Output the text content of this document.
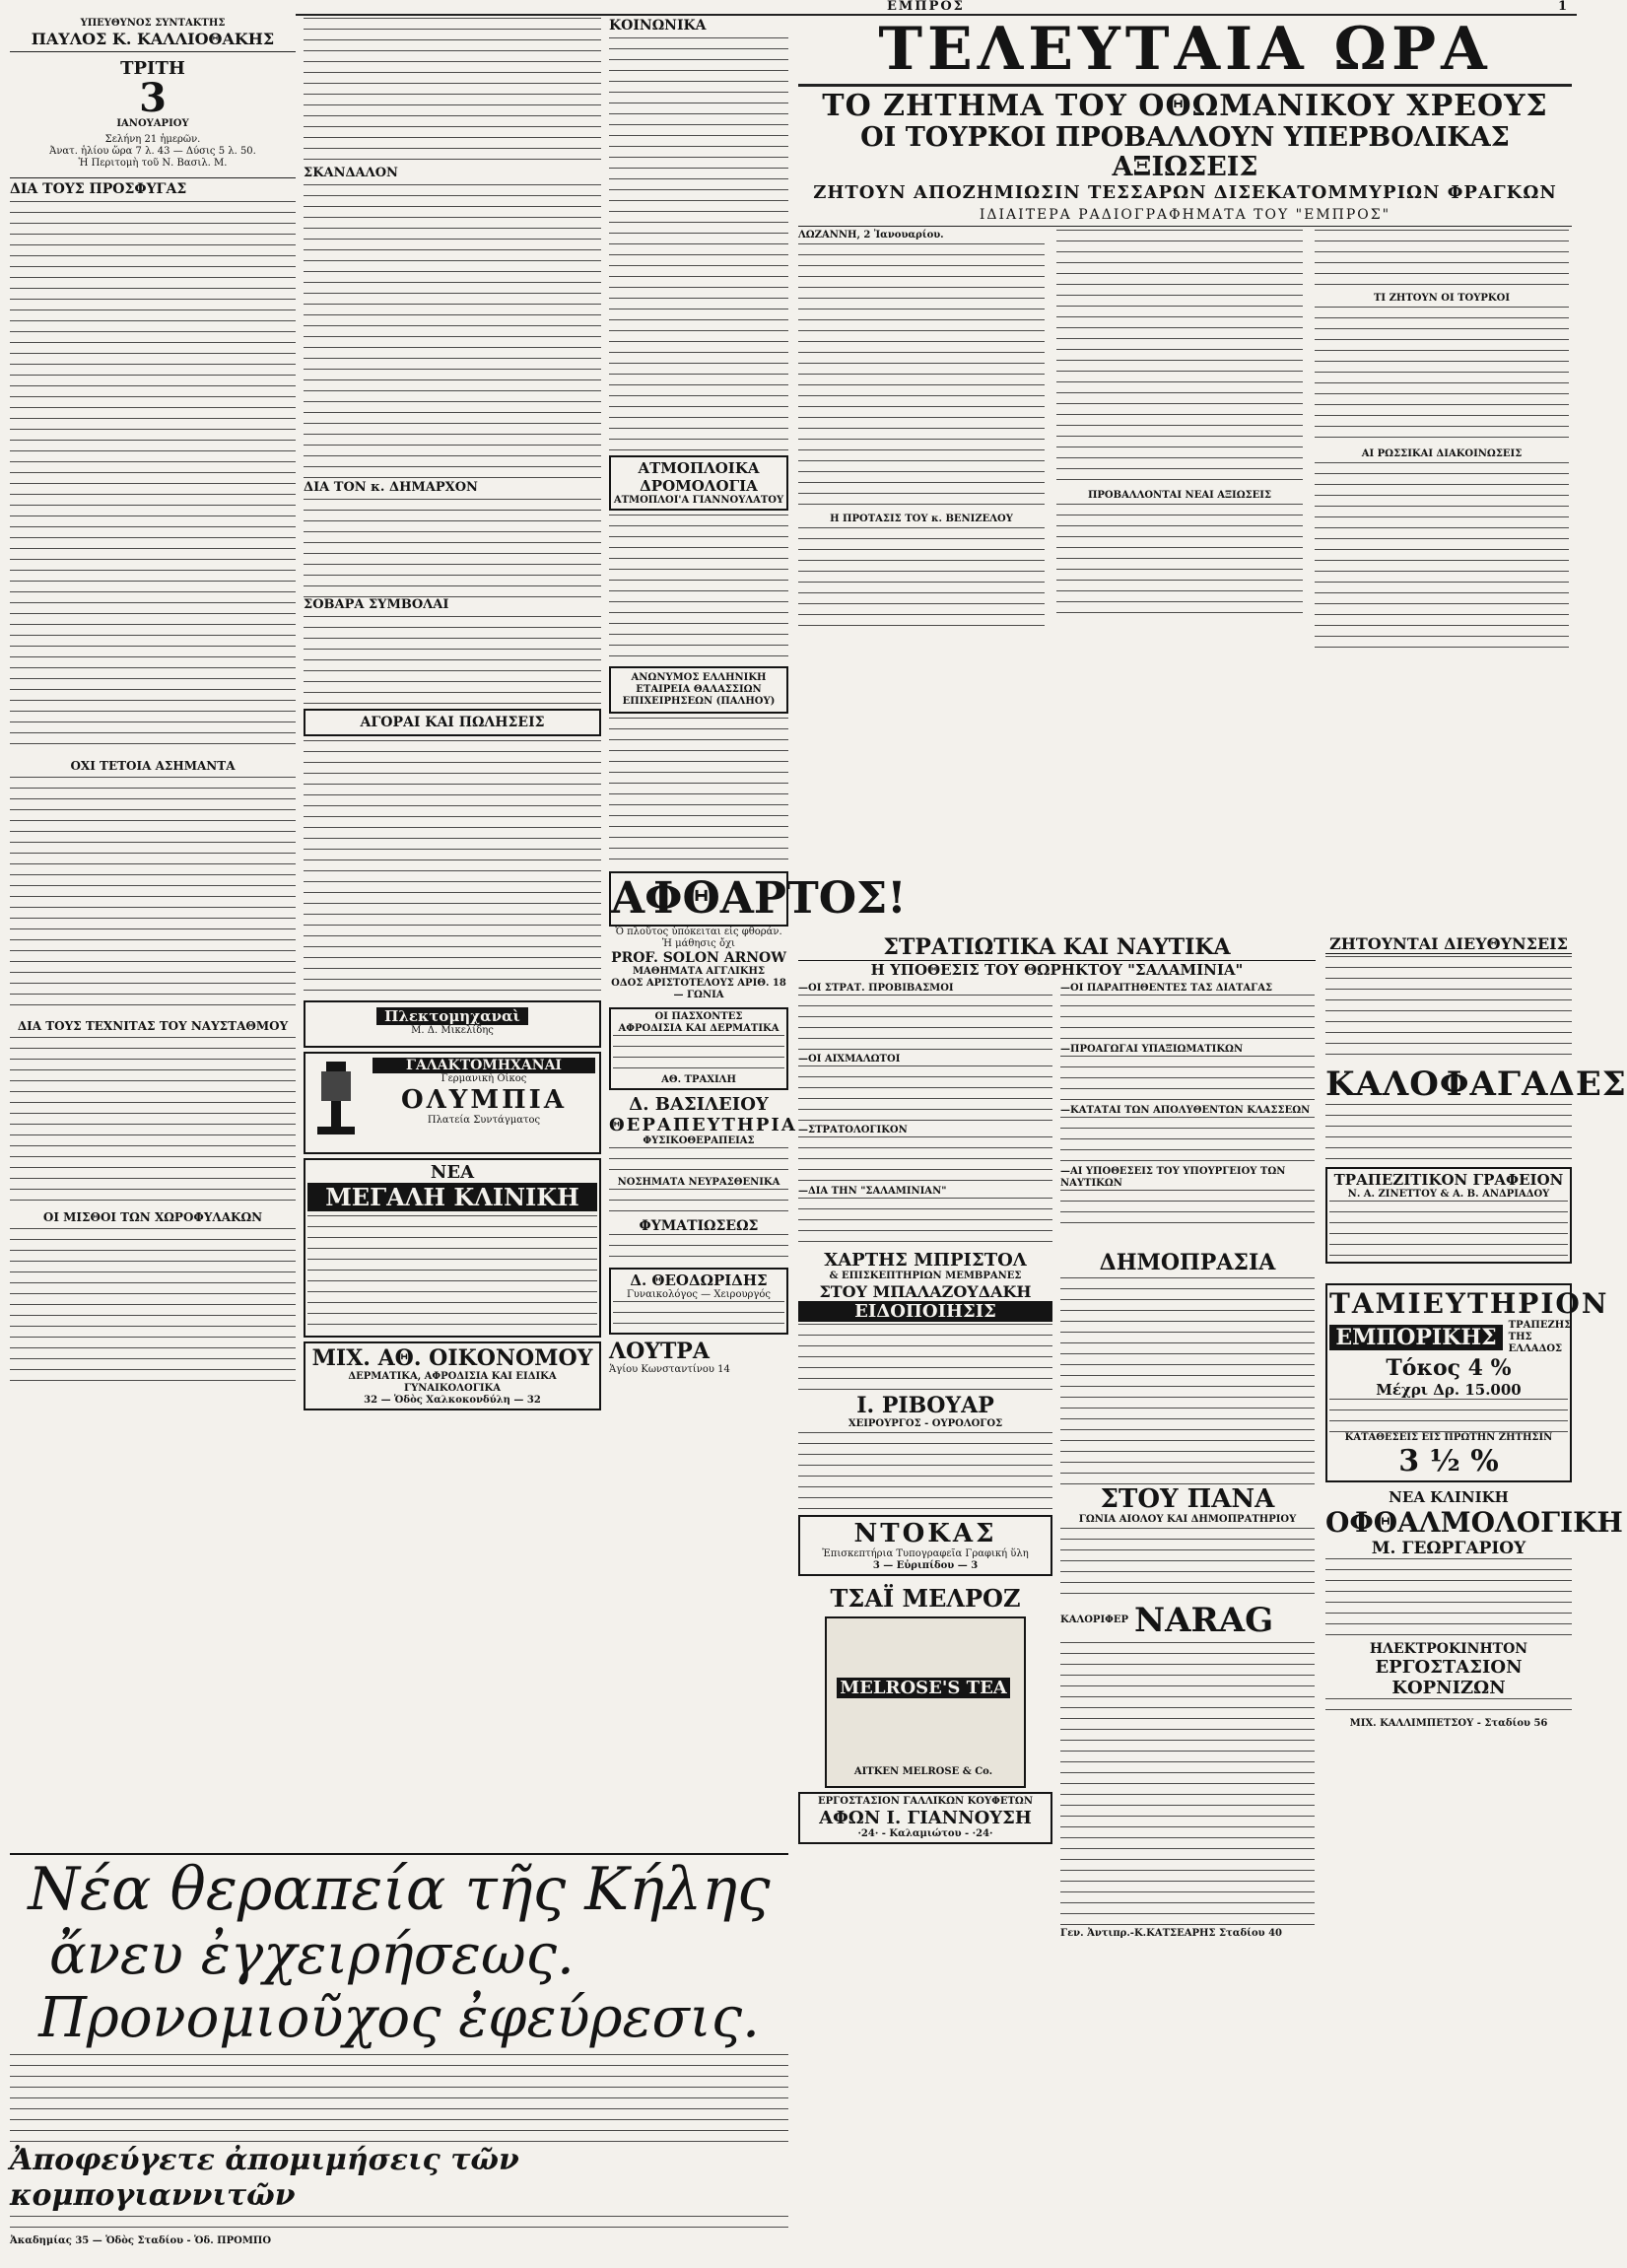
ΕΜΠΡΟΣ	1
ΥΠΕΥΘΥΝΟΣ ΣΥΝΤΑΚΤΗΣ
ΠΑΥΛΟΣ Κ. ΚΑΛΛΙΟΘΑΚΗΣ
ΤΡΙΤΗ
3
ΙΑΝΟΥΑΡΙΟΥ
Σελήνη 21 ἡμερῶν.
Ἀνατ. ἡλίου ὥρα 7 λ. 43 — Δύσις 5 λ. 50.
Ἡ Περιτομὴ τοῦ Ν. Βασιλ. Μ.
ΔΙΑ ΤΟΥΣ ΠΡΟΣΦΥΓΑΣ
ΟΧΙ ΤΕΤΟΙΑ ΑΣΗΜΑΝΤΑ
ΔΙΑ ΤΟΥΣ ΤΕΧΝΙΤΑΣ ΤΟΥ ΝΑΥΣΤΑΘΜΟΥ
ΟΙ ΜΙΣΘΟΙ ΤΩΝ ΧΩΡΟΦΥΛΑΚΩΝ
ΣΚΑΝΔΑΛΟΝ
ΔΙΑ ΤΟΝ κ. ΔΗΜΑΡΧΟΝ
ΣΟΒΑΡΑ ΣΥΜΒΟΛΑΙ
ΑΓΟΡΑΙ ΚΑΙ ΠΩΛΗΣΕΙΣ
Πλεκτομηχαναὶ
Μ. Δ. Μικελίδης
ΓΑΛΑΚΤΟΜΗΧΑΝΑΙ
Γερμανικὴ Οἶκος
ΟΛΥΜΠΙΑ
Πλατεία Συντάγματος
ΝΕΑ
ΜΕΓΑΛΗ ΚΛΙΝΙΚΗ
ΜΙΧ. ΑΘ. ΟΙΚΟΝΟΜΟΥ
ΔΕΡΜΑΤΙΚΑ, ΑΦΡΟΔΙΣΙΑ ΚΑΙ ΕΙΔΙΚΑ ΓΥΝΑΙΚΟΛΟΓΙΚΑ
32 — Ὁδὸς Χαλκοκονδύλη — 32
ΚΟΙΝΩΝΙΚΑ
ΑΤΜΟΠΛΟΙΚΑ ΔΡΟΜΟΛΟΓΙΑ
ΑΤΜΟΠΛΟΙ'Α ΓΙΑΝΝΟΥΛΑΤΟΥ
ΑΝΩΝΥΜΟΣ ΕΛΛΗΝΙΚΗ ΕΤΑΙΡΕΙΑ ΘΑΛΑΣΣΙΩΝ ΕΠΙΧΕΙΡΗΣΕΩΝ (ΠΑΛΗΟΥ)
ΑΦΘΑΡΤΟΣ!
Ὁ πλοῦτος ὑπόκειται εἰς φθοράν. Ἡ μάθησις ὄχι
PROF. SOLON ARNOW
ΜΑΘΗΜΑΤΑ ΑΓΓΛΙΚΗΣ
ΟΔΟΣ ΑΡΙΣΤΟΤΕΛΟΥΣ ΑΡΙΘ. 18 — ΓΩΝΙΑ
ΟΙ ΠΑΣΧΟΝΤΕΣ
ΑΦΡΟΔΙΣΙΑ ΚΑΙ ΔΕΡΜΑΤΙΚΑ
ΑΘ. ΤΡΑΧΙΛΗ
Δ. ΒΑΣΙΛΕΙΟΥ
ΘΕΡΑΠΕΥΤΗΡΙΑ
ΦΥΣΙΚΟΘΕΡΑΠΕΙΑΣ
ΝΟΣΗΜΑΤΑ ΝΕΥΡΑΣΘΕΝΙΚΑ
ΦΥΜΑΤΙΩΣΕΩΣ
Δ. ΘΕΟΔΩΡΙΔΗΣ
Γυναικολόγος — Χειρουργός
ΛΟΥΤΡΑ
Ἁγίου Κωνσταντίνου 14
ΤΕΛΕΥΤΑΙΑ ΩΡΑ
ΤΟ ΖΗΤΗΜΑ ΤΟΥ ΟΘΩΜΑΝΙΚΟΥ ΧΡΕΟΥΣ
ΟΙ ΤΟΥΡΚΟΙ ΠΡΟΒΑΛΛΟΥΝ ΥΠΕΡΒΟΛΙΚΑΣ ΑΞΙΩΣΕΙΣ
ΖΗΤΟΥΝ ΑΠΟΖΗΜΙΩΣΙΝ ΤΕΣΣΑΡΩΝ ΔΙΣΕΚΑΤΟΜΜΥΡΙΩΝ ΦΡΑΓΚΩΝ
ΙΔΙΑΙΤΕΡΑ ΡΑΔΙΟΓΡΑΦΗΜΑΤΑ ΤΟΥ "ΕΜΠΡΟΣ"
ΛΩΖΑΝΝΗ, 2 Ἰανουαρίου.
Η ΠΡΟΤΑΣΙΣ ΤΟΥ κ. ΒΕΝΙΖΕΛΟΥ
ΠΡΟΒΑΛΛΟΝΤΑΙ ΝΕΑΙ ΑΞΙΩΣΕΙΣ
ΤΙ ΖΗΤΟΥΝ ΟΙ ΤΟΥΡΚΟΙ
ΑΙ ΡΩΣΣΙΚΑΙ ΔΙΑΚΟΙΝΩΣΕΙΣ
ΣΤΡΑΤΙΩΤΙΚΑ ΚΑΙ ΝΑΥΤΙΚΑ
Η ΥΠΟΘΕΣΙΣ ΤΟΥ ΘΩΡΗΚΤΟΥ "ΣΑΛΑΜΙΝΙΑ"
—ΟΙ ΣΤΡΑΤ. ΠΡΟΒΙΒΑΣΜΟΙ
—ΟΙ ΑΙΧΜΑΛΩΤΟΙ
—ΣΤΡΑΤΟΛΟΓΙΚΟΝ
—ΔΙΑ ΤΗΝ "ΣΑΛΑΜΙΝΙΑΝ"
—ΟΙ ΠΑΡΑΙΤΗΘΕΝΤΕΣ ΤΑΣ ΔΙΑΤΑΓΑΣ
—ΠΡΟΑΓΩΓΑΙ ΥΠΑΞΙΩΜΑΤΙΚΩΝ
—ΚΑΤΑΤΑΙ ΤΩΝ ΑΠΟΛΥΘΕΝΤΩΝ ΚΛΑΣΣΕΩΝ
—ΑΙ ΥΠΟΘΕΣΕΙΣ ΤΟΥ ΥΠΟΥΡΓΕΙΟΥ ΤΩΝ ΝΑΥΤΙΚΩΝ
ΖΗΤΟΥΝΤΑΙ ΔΙΕΥΘΥΝΣΕΙΣ
ΚΑΛΟΦΑΓΑΔΕΣ
ΤΡΑΠΕΖΙΤΙΚΟΝ ΓΡΑΦΕΙΟΝ
Ν. Α. ΖΙΝΕΤΤΟΥ & Α. Β. ΑΝΔΡΙΑΔΟΥ
ΤΑΜΙΕΥΤΗΡΙΟΝ
ΕΜΠΟΡΙΚΗΣ	ΤΡΑΠΕΖΗΣ ΤΗΣ ΕΛΛΑΔΟΣ
Τόκος 4 %
Μέχρι Δρ. 15.000
ΚΑΤΑΘΕΣΕΙΣ ΕΙΣ ΠΡΩΤΗΝ ΖΗΤΗΣΙΝ
3 ½ %
ΝΕΑ ΚΛΙΝΙΚΗ
ΟΦΘΑΛΜΟΛΟΓΙΚΗ
Μ. ΓΕΩΡΓΑΡΙΟΥ
ΗΛΕΚΤΡΟΚΙΝΗΤΟΝ
ΕΡΓΟΣΤΑΣΙΟΝ ΚΟΡΝΙΖΩΝ
ΜΙΧ. ΚΑΛΛΙΜΠΕΤΣΟΥ - Σταδίου 56
ΧΑΡΤΗΣ ΜΠΡΙΣΤΟΛ
& ΕΠΙΣΚΕΠΤΗΡΙΩΝ ΜΕΜΒΡΑΝΕΣ
ΣΤΟΥ ΜΠΑΛΑΖΟΥΔΑΚΗ
ΕΙΔΟΠΟΙΗΣΙΣ
Ι. ΡΙΒΟΥΑΡ
ΧΕΙΡΟΥΡΓΟΣ - ΟΥΡΟΛΟΓΟΣ
ΝΤΟΚΑΣ
Ἐπισκεπτήρια Τυπογραφεῖα Γραφική ὕλη
3 — Εὐριπίδου — 3
ΤΣΑΪ ΜΕΛΡΟΖ
MELROSE'S TEA
AITKEN MELROSE & Co.
ΕΡΓΟΣΤΑΣΙΟΝ ΓΑΛΛΙΚΩΝ ΚΟΥΦΕΤΩΝ
ΑΦΩΝ Ι. ΓΙΑΝΝΟΥΣΗ
·24· - Καλαμιώτου - ·24·
ΔΗΜΟΠΡΑΣΙΑ
ΣΤΟΥ ΠΑΝΑ
ΓΩΝΙΑ ΑΙΟΛΟΥ ΚΑΙ ΔΗΜΟΠΡΑΤΗΡΙΟΥ
ΚΑΛΟΡΙΦΕΡ NARAG
Γεν. Ἀντιπρ.-Κ.ΚΑΤΣΕΑΡΗΣ Σταδίου 40
Νέα θεραπεία τῆς Κήλης
ἄνευ ἐγχειρήσεως.
Προνομιοῦχος ἐφεύρεσις.
Ἀποφεύγετε ἀπομιμήσεις τῶν κομπογιαννιτῶν
Ἀκαδημίας 35 — Ὁδὸς Σταδίου - Ὁδ. ΠΡΟΜΠΟ
